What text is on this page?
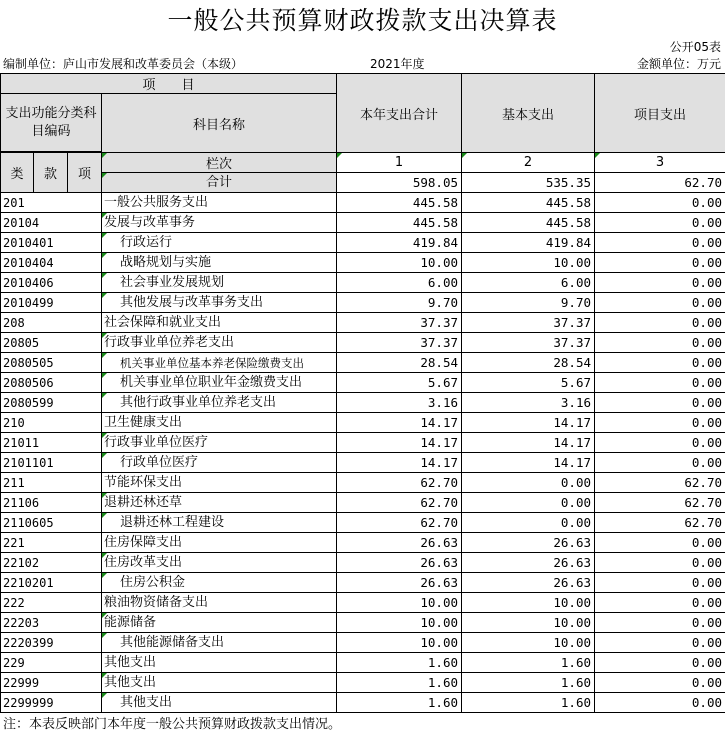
一般公共预算财政拨款支出决算表
公开05表
编制单位：庐山市发展和改革委员会（本级）	2021年度	金额单位：万元
项　　目				本年支出合计	基本支出	项目支出
支出功能分类科目编码			科目名称			

类	款	项	栏次	1	2	3
			合计	598.05	535.35	62.70
201			一般公共服务支出	445.58	445.58	0.00
20104			发展与改革事务	445.58	445.58	0.00
2010401			行政运行	419.84	419.84	0.00
2010404			战略规划与实施	10.00	10.00	0.00
2010406			社会事业发展规划	6.00	6.00	0.00
2010499			其他发展与改革事务支出	9.70	9.70	0.00
208			社会保障和就业支出	37.37	37.37	0.00
20805			行政事业单位养老支出	37.37	37.37	0.00
2080505			机关事业单位基本养老保险缴费支出	28.54	28.54	0.00
2080506			机关事业单位职业年金缴费支出	5.67	5.67	0.00
2080599			其他行政事业单位养老支出	3.16	3.16	0.00
210			卫生健康支出	14.17	14.17	0.00
21011			行政事业单位医疗	14.17	14.17	0.00
2101101			行政单位医疗	14.17	14.17	0.00
211			节能环保支出	62.70	0.00	62.70
21106			退耕还林还草	62.70	0.00	62.70
2110605			退耕还林工程建设	62.70	0.00	62.70
221			住房保障支出	26.63	26.63	0.00
22102			住房改革支出	26.63	26.63	0.00
2210201			住房公积金	26.63	26.63	0.00
222			粮油物资储备支出	10.00	10.00	0.00
22203			能源储备	10.00	10.00	0.00
2220399			其他能源储备支出	10.00	10.00	0.00
229			其他支出	1.60	1.60	0.00
22999			其他支出	1.60	1.60	0.00
2299999			其他支出	1.60	1.60	0.00
注：本表反映部门本年度一般公共预算财政拨款支出情况。
